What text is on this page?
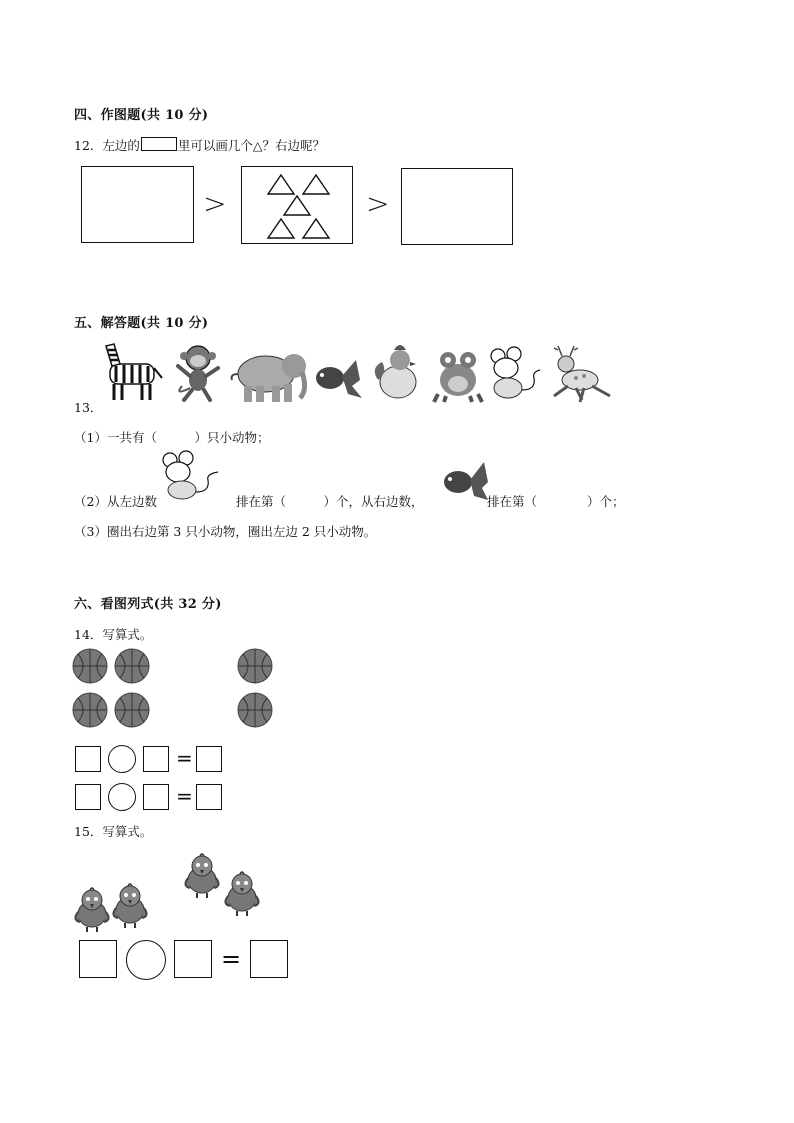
四、作图题(共 10 分)
12．左边的	里可以画几个△？右边呢？
>	>
五、解答题(共 10 分)
13．
（1）一共有（　　　）只小动物；
（2）从左边数	排在第（　　　）个，从右边数，	排在第（　　　　）个；
（3）圈出右边第 3 只小动物，圈出左边 2 只小动物。
六、看图列式(共 32 分)
14．写算式。
=
=
15．写算式。
=
